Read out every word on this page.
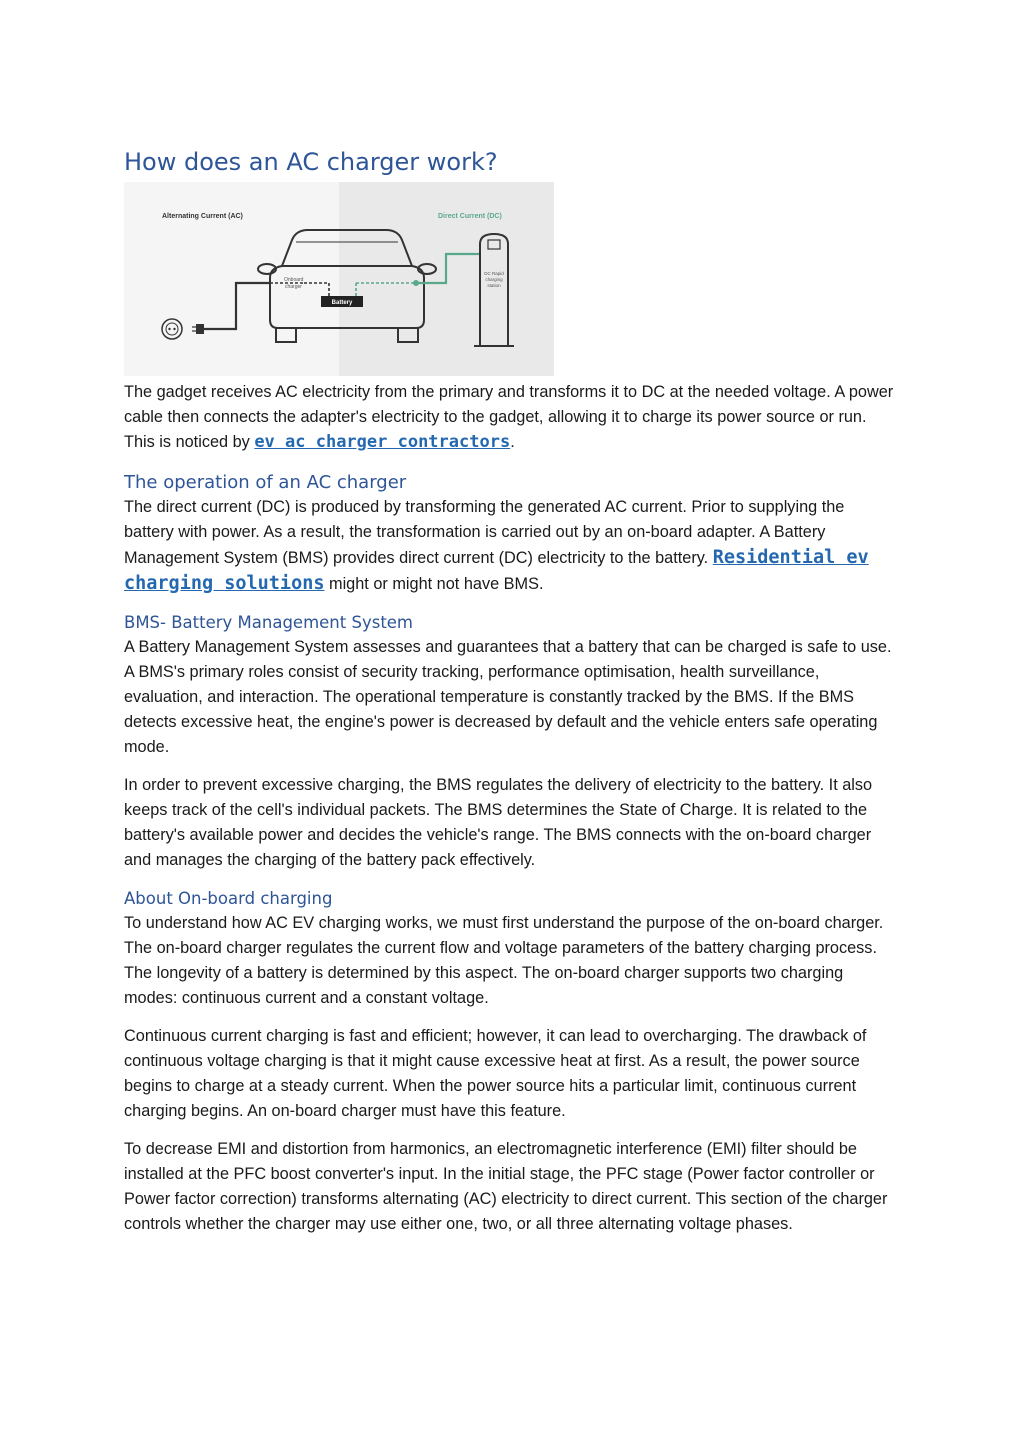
How does an AC charger work?
Alternating Current (AC)	Direct Current (DC)
Onboard
charger
Battery
DC Rapid
charging
station

The gadget receives AC electricity from the primary and transforms it to DC at the needed voltage. A power cable then connects the adapter's electricity to the gadget, allowing it to charge its power source or run. This is noticed by ev ac charger contractors.

The operation of an AC charger

The direct current (DC) is produced by transforming the generated AC current. Prior to supplying the battery with power. As a result, the transformation is carried out by an on-board adapter. A Battery Management System (BMS) provides direct current (DC) electricity to the battery. Residential ev charging solutions might or might not have BMS.

BMS- Battery Management System

A Battery Management System assesses and guarantees that a battery that can be charged is safe to use. A BMS's primary roles consist of security tracking, performance optimisation, health surveillance, evaluation, and interaction. The operational temperature is constantly tracked by the BMS. If the BMS detects excessive heat, the engine's power is decreased by default and the vehicle enters safe operating mode.

In order to prevent excessive charging, the BMS regulates the delivery of electricity to the battery. It also keeps track of the cell's individual packets. The BMS determines the State of Charge. It is related to the battery's available power and decides the vehicle's range. The BMS connects with the on-board charger and manages the charging of the battery pack effectively.

About On-board charging

To understand how AC EV charging works, we must first understand the purpose of the on-board charger. The on-board charger regulates the current flow and voltage parameters of the battery charging process. The longevity of a battery is determined by this aspect. The on-board charger supports two charging modes: continuous current and a constant voltage.

Continuous current charging is fast and efficient; however, it can lead to overcharging. The drawback of continuous voltage charging is that it might cause excessive heat at first. As a result, the power source begins to charge at a steady current. When the power source hits a particular limit, continuous current charging begins. An on-board charger must have this feature.

To decrease EMI and distortion from harmonics, an electromagnetic interference (EMI) filter should be installed at the PFC boost converter's input. In the initial stage, the PFC stage (Power factor controller or Power factor correction) transforms alternating (AC) electricity to direct current. This section of the charger controls whether the charger may use either one, two, or all three alternating voltage phases.
